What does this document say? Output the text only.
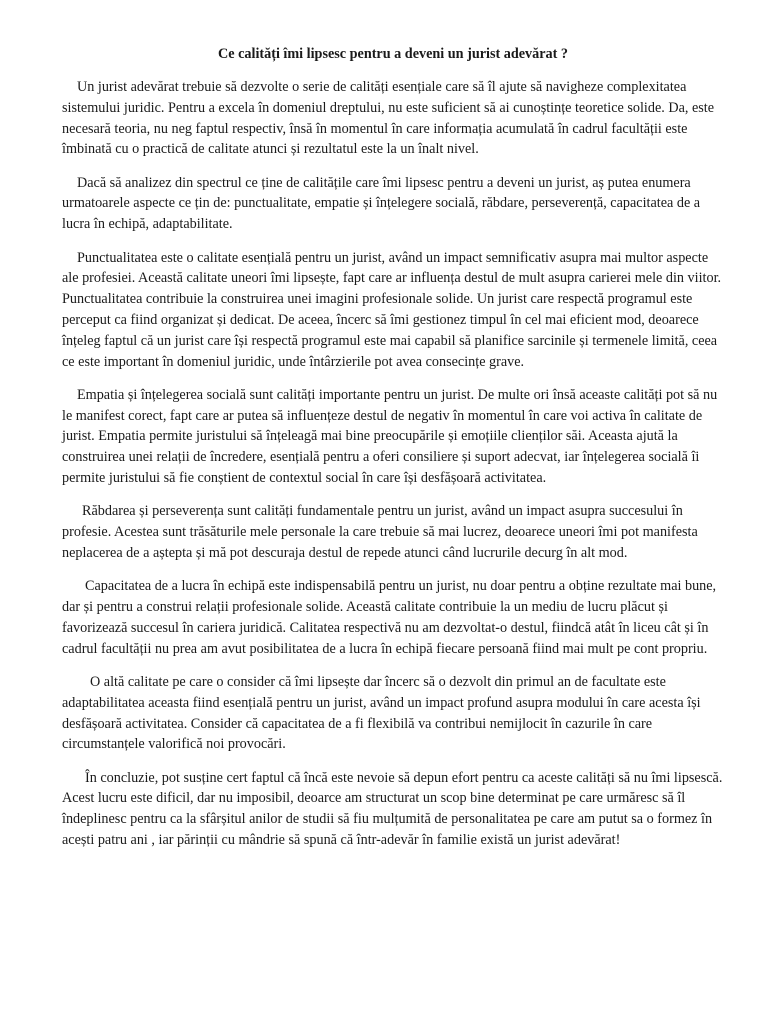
Ce calități îmi lipsesc pentru a deveni un jurist adevărat ?

Un jurist adevărat trebuie să dezvolte o serie de calități esențiale care să îl ajute să navigheze complexitatea sistemului juridic. Pentru a excela în domeniul dreptului, nu este suficient să ai cunoștințe teoretice solide. Da, este necesară teoria, nu neg faptul respectiv, însă în momentul în care informația acumulată în cadrul facultății este îmbinată cu o practică de calitate atunci și rezultatul este la un înalt nivel.

Dacă să analizez din spectrul ce ține de calitățile care îmi lipsesc pentru a deveni un jurist, aș putea enumera urmatoarele aspecte ce țin de: punctualitate, empatie și înțelegere socială, răbdare, perseverență, capacitatea de a lucra în echipă, adaptabilitate.

Punctualitatea este o calitate esențială pentru un jurist, având un impact semnificativ asupra mai multor aspecte ale profesiei. Această calitate uneori îmi lipsește, fapt care ar influența destul de mult asupra carierei mele din viitor. Punctualitatea contribuie la construirea unei imagini profesionale solide. Un jurist care respectă programul este perceput ca fiind organizat și dedicat. De aceea, încerc să îmi gestionez timpul în cel mai eficient mod, deoarece înțeleg faptul că un jurist care își respectă programul este mai capabil să planifice sarcinile și termenele limită, ceea ce este important în domeniul juridic, unde întârzierile pot avea consecințe grave.

Empatia și înțelegerea socială sunt calități importante pentru un jurist. De multe ori însă aceaste calități pot să nu le manifest corect, fapt care ar putea să influențeze destul de negativ în momentul în care voi activa în calitate de jurist. Empatia permite juristului să înțeleagă mai bine preocupările și emoțiile clienților săi. Aceasta ajută la construirea unei relații de încredere, esențială pentru a oferi consiliere și suport adecvat, iar înțelegerea socială îi permite juristului să fie conștient de contextul social în care își desfășoară activitatea.

Răbdarea și perseverența sunt calități fundamentale pentru un jurist, având un impact asupra succesului în profesie. Acestea sunt trăsăturile mele personale la care trebuie să mai lucrez, deoarece uneori îmi pot manifesta neplacerea de a aștepta și mă pot descuraja destul de repede atunci când lucrurile decurg în alt mod.

Capacitatea de a lucra în echipă este indispensabilă pentru un jurist, nu doar pentru a obține rezultate mai bune, dar și pentru a construi relații profesionale solide. Această calitate contribuie la un mediu de lucru plăcut și favorizează succesul în cariera juridică. Calitatea respectivă nu am dezvoltat-o destul, fiindcă atât în liceu cât și în cadrul facultății nu prea am avut posibilitatea de a lucra în echipă fiecare persoană fiind mai mult pe cont propriu.

O altă calitate pe care o consider că îmi lipsește dar încerc să o dezvolt din primul an de facultate este adaptabilitatea aceasta fiind esențială pentru un jurist, având un impact profund asupra modului în care acesta își desfășoară activitatea. Consider că capacitatea de a fi flexibilă va contribui nemijlocit în cazurile în care circumstanțele valorifică noi provocări.

În concluzie, pot susține cert faptul că încă este nevoie să depun efort pentru ca aceste calități să nu îmi lipsescă. Acest lucru este dificil, dar nu imposibil, deoarce am structurat un scop bine determinat pe care urmăresc să îl îndeplinesc pentru ca la sfârșitul anilor de studii să fiu mulțumită de personalitatea pe care am putut sa o formez în acești patru ani , iar părinții cu mândrie să spună că într-adevăr în familie există un jurist adevărat!
